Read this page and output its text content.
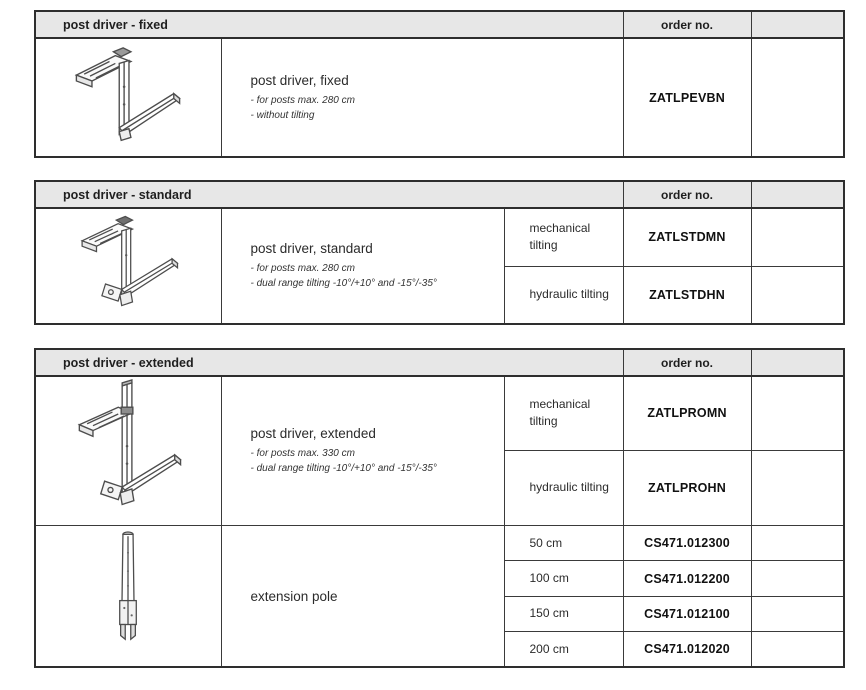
post driver - fixed		order no.	

post driver, fixed
- for posts max. 280 cm
- without tilting	ZATLPEVBN	
post driver - standard			order no.	

post driver, standard
- for posts max. 280 cm
- dual range tilting -10°/+10° and -15°/-35°	mechanical tilting	ZATLSTDMN	
		hydraulic tilting	ZATLSTDHN	
post driver - extended			order no.	

post driver, extended
- for posts max. 330 cm
- dual range tilting -10°/+10° and -15°/-35°	mechanical tilting	ZATLPROMN	
		hydraulic tilting	ZATLPROHN	

extension pole	50 cm	CS471.012300	
		100 cm	CS471.012200	
		150 cm	CS471.012100	
		200 cm	CS471.012020	
